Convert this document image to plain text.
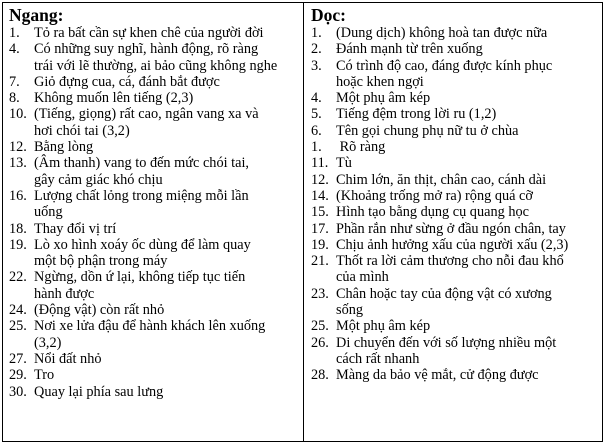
Ngang:
1. Tỏ ra bất cần sự khen chê của người đời
4. Có những suy nghĩ, hành động, rõ ràng
trái với lẽ thường, ai bảo cũng không nghe
7. Giỏ đựng cua, cá, đánh bắt được
8. Không muốn lên tiếng (2,3)
10. (Tiếng, giọng) rất cao, ngân vang xa và
hơi chói tai (3,2)
12. Bằng lòng
13. (Âm thanh) vang to đến mức chói tai,
gây cảm giác khó chịu
16. Lượng chất lỏng trong miệng mỗi lần
uống
18. Thay đổi vị trí
19. Lò xo hình xoáy ốc dùng để làm quay
một bộ phận trong máy
22. Ngừng, dồn ứ lại, không tiếp tục tiến
hành được
24. (Động vật) còn rất nhỏ
25. Nơi xe lửa đậu để hành khách lên xuống
(3,2)
27. Nổi đất nhỏ
29. Tro
30. Quay lại phía sau lưng
Dọc:
1. (Dung dịch) không hoà tan được nữa
2. Đánh mạnh từ trên xuống
3. Có trình độ cao, đáng được kính phục
hoặc khen ngợi
4. Một phụ âm kép
5. Tiếng đệm trong lời ru (1,2)
6. Tên gọi chung phụ nữ tu ở chùa
1. Rõ ràng
11. Tù
12. Chim lớn, ăn thịt, chân cao, cánh dài
14. (Khoảng trống mở ra) rộng quá cỡ
15. Hình tạo bằng dụng cụ quang học
17. Phần rắn như sừng ở đầu ngón chân, tay
19. Chịu ảnh hưởng xấu của người xấu (2,3)
21. Thốt ra lời cảm thương cho nỗi đau khổ
của mình
23. Chân hoặc tay của động vật có xương
sống
25. Một phụ âm kép
26. Di chuyển đến với số lượng nhiều một
cách rất nhanh
28. Màng da bảo vệ mắt, cử động được
